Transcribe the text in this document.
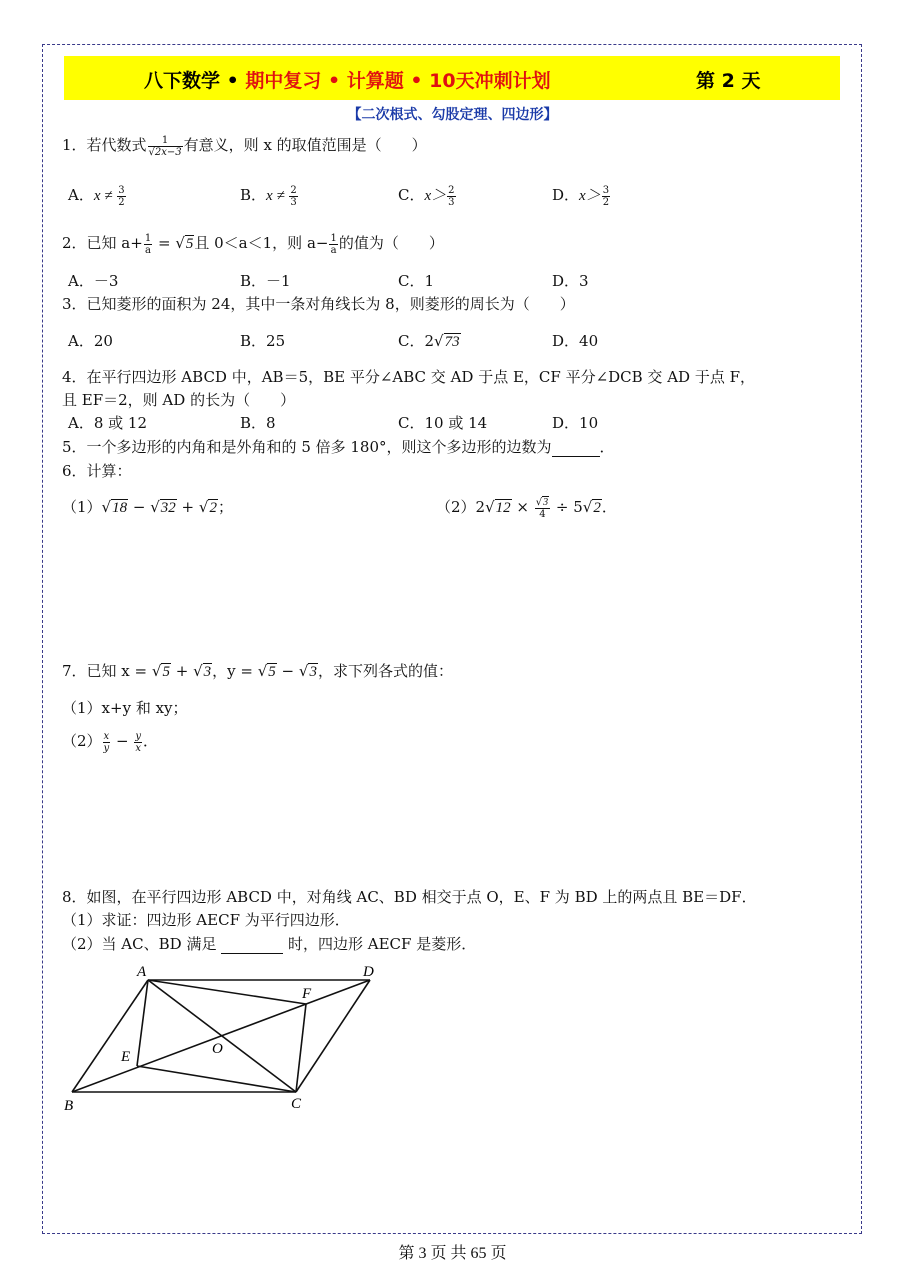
八下数学 • 期中复习 • 计算题 • 10天冲刺计划	第 2 天
【二次根式、勾股定理、四边形】
1．若代数式 $\frac{1}{√2x-3}$ 有意义，则 x 的取值范围是（　　）
A．$x \ne \frac{3}{2}$	B．$x \ne \frac{2}{3}$	C．$x> \frac{2}{3}$	D．$x> \frac{3}{2}$
2．已知 $a+ \frac{1}{a} = √5$且 0＜a＜1，则 $a- \frac{1}{a}$ 的值为（　　）
A．－3	B．－1	C．1	D．3
3．已知菱形的面积为 24，其中一条对角线长为 8，则菱形的周长为（　　）
A．20	B．25	C．2√73	D．40
4．在平行四边形 ABCD 中，AB＝5，BE 平分∠ABC 交 AD 于点 E，CF 平分∠DCB 交 AD 于点 F，
且 EF＝2，则 AD 的长为（　　）
A．8 或 12	B．8	C．10 或 14	D．10
5．一个多边形的内角和是外角和的 5 倍多 180°，则这个多边形的边数为	．
6．计算：
（1）√18 − √32 + √2；	$(2)2√12 \times \frac{√3}{4} \div 5√2$．
7．已知 x = √5 + √3，y = √5 − √3，求下列各式的值：
（1）x+y 和 xy；
$(2) \frac{x}{y} - \frac{y}{x}$ ．
8．如图，在平行四边形 ABCD 中，对角线 AC、BD 相交于点 O，E、F 为 BD 上的两点且 BE＝DF．
（1）求证：四边形 AECF 为平行四边形．
（2）当 AC、BD 满足	时，四边形 AECF 是菱形．
A	D
B	C
E
F
O
第 3 页 共 65 页
